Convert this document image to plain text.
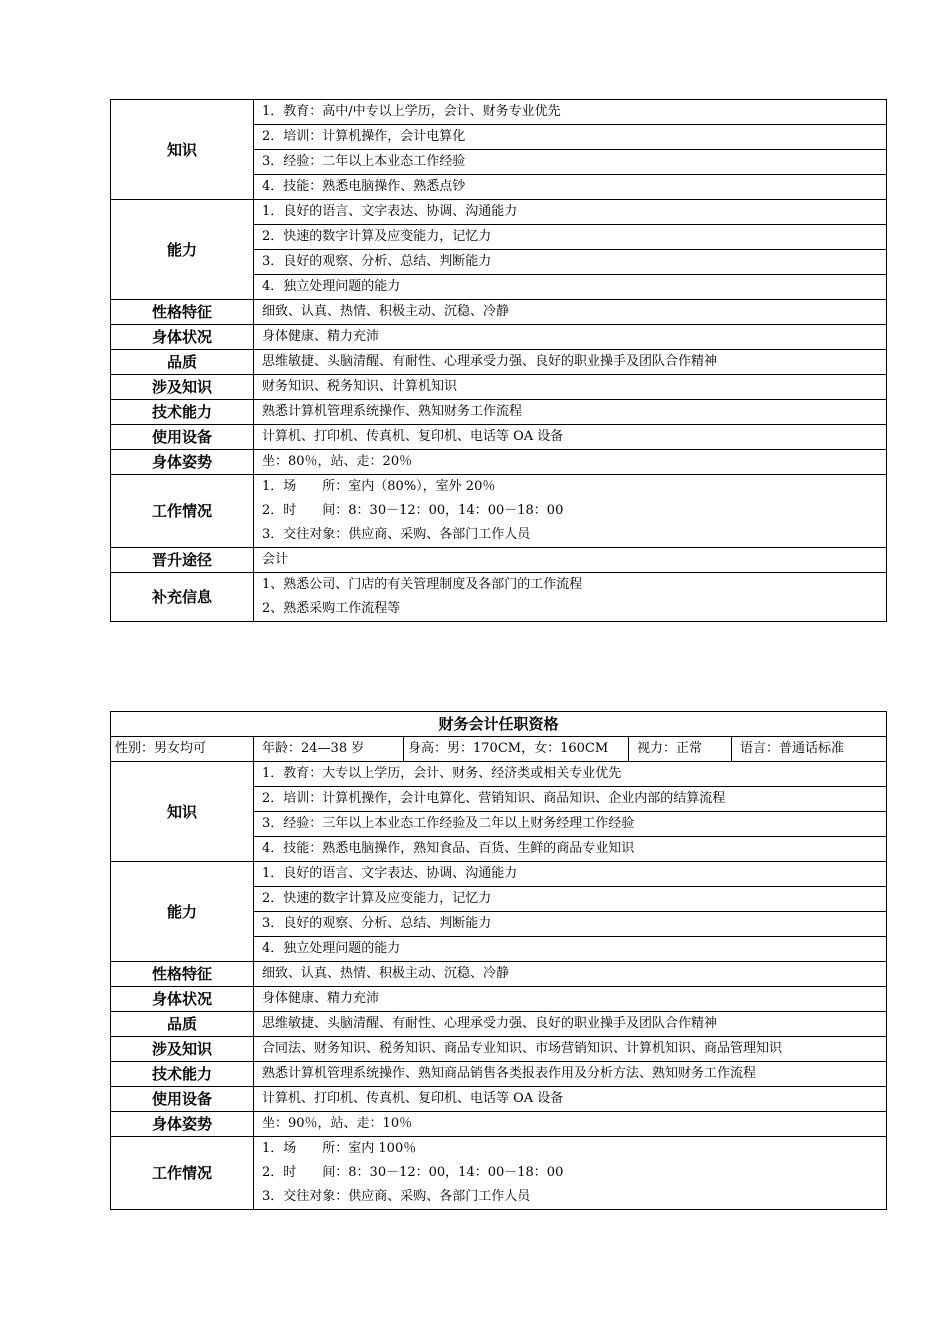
知识	1．教育：高中/中专以上学历，会计、财务专业优先
	2．培训：计算机操作，会计电算化
	3．经验：二年以上本业态工作经验
	4．技能：熟悉电脑操作、熟悉点钞
能力	1．良好的语言、文字表达、协调、沟通能力
	2．快速的数字计算及应变能力，记忆力
	3．良好的观察、分析、总结、判断能力
	4．独立处理问题的能力
性格特征	细致、认真、热情、积极主动、沉稳、冷静
身体状况	身体健康、精力充沛
品质	思维敏捷、头脑清醒、有耐性、心理承受力强、良好的职业操手及团队合作精神
涉及知识	财务知识、税务知识、计算机知识
技术能力	熟悉计算机管理系统操作、熟知财务工作流程
使用设备	计算机、打印机、传真机、复印机、电话等 OA 设备
身体姿势	坐：80％，站、走：20％
工作情况	1．场　　所：室内（80%），室外 20％
	2．时　　间：8：30－12：00，14：00－18：00
	3．交往对象：供应商、采购、各部门工作人员
晋升途径	会计
补充信息	1、熟悉公司、门店的有关管理制度及各部门的工作流程
	2、熟悉采购工作流程等
财务会计任职资格				
性别：男女均可	年龄：24—38 岁	身高：男：170CM，女：160CM	视力：正常	语言：普通话标准
知识	1．教育：大专以上学历，会计、财务、经济类或相关专业优先			
	2．培训：计算机操作，会计电算化、营销知识、商品知识、企业内部的结算流程			
	3．经验：三年以上本业态工作经验及二年以上财务经理工作经验			
	4．技能：熟悉电脑操作，熟知食品、百货、生鲜的商品专业知识			
能力	1．良好的语言、文字表达、协调、沟通能力			
	2．快速的数字计算及应变能力，记忆力			
	3．良好的观察、分析、总结、判断能力			
	4．独立处理问题的能力			
性格特征	细致、认真、热情、积极主动、沉稳、冷静			
身体状况	身体健康、精力充沛			
品质	思维敏捷、头脑清醒、有耐性、心理承受力强、良好的职业操手及团队合作精神			
涉及知识	合同法、财务知识、税务知识、商品专业知识、市场营销知识、计算机知识、商品管理知识			
技术能力	熟悉计算机管理系统操作、熟知商品销售各类报表作用及分析方法、熟知财务工作流程			
使用设备	计算机、打印机、传真机、复印机、电话等 OA 设备			
身体姿势	坐：90％，站、走：10％			
工作情况	1．场　　所：室内 100％			
	2．时　　间：8：30－12：00，14：00－18：00			
	3．交往对象：供应商、采购、各部门工作人员			
